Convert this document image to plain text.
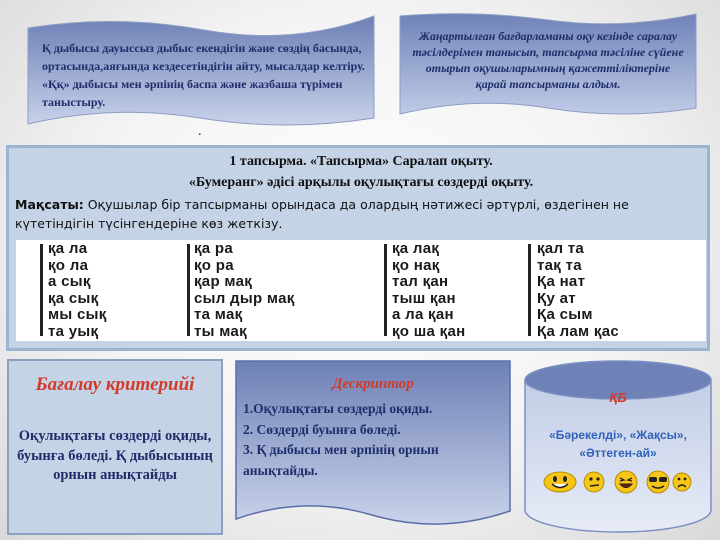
Қ дыбысы дауыссыз дыбыс екендігін және сөздің басында, ортасында,аяғында кездесетіндігін айту, мысалдар келтіру.

«Ққ» дыбысы мен әрпінің баспа және жазбаша түрімен таныстыру.

.
Жаңартылған бағдарламаны оқу кезінде саралау тәсілдерімен танысып, тапсырма тәсіліне сүйене отырып оқушыларымның қажеттіліктеріне қарай тапсырманы алдым.
1 тапсырма. «Тапсырма» Саралап оқыту.
«Бумеранг» әдісі арқылы оқулықтағы сөздерді оқыту.
Мақсаты: Оқушылар бір тапсырманы орындаса да олардың нәтижесі әртүрлі, өздегінен не күтетіндігін түсінгендеріне көз жеткізу.
қа ла
қо ла
а сық
қа сық
мы сық
та уық
қа ра
қо ра
қар мақ
сыл дыр мақ
та мақ
ты мақ
қа лақ
қо нақ
тал қан
тыш қан
а ла қан
қо ша қан
қал та
тақ та
Қа нат
Қу ат
Қа сым
Қа лам қас
Бағалау критерийі
Оқулықтағы сөздерді оқиды, буынға бөледі. Қ дыбысының орнын анықтайды
Дескриптор
1.Оқулықтағы сөздерді оқиды.
2. Сөздерді буынға бөледі.
3. Қ дыбысы мен әрпінің орнын анықтайды.
ҚБ
«Бәрекелді», «Жақсы», «Әттеген-ай»
